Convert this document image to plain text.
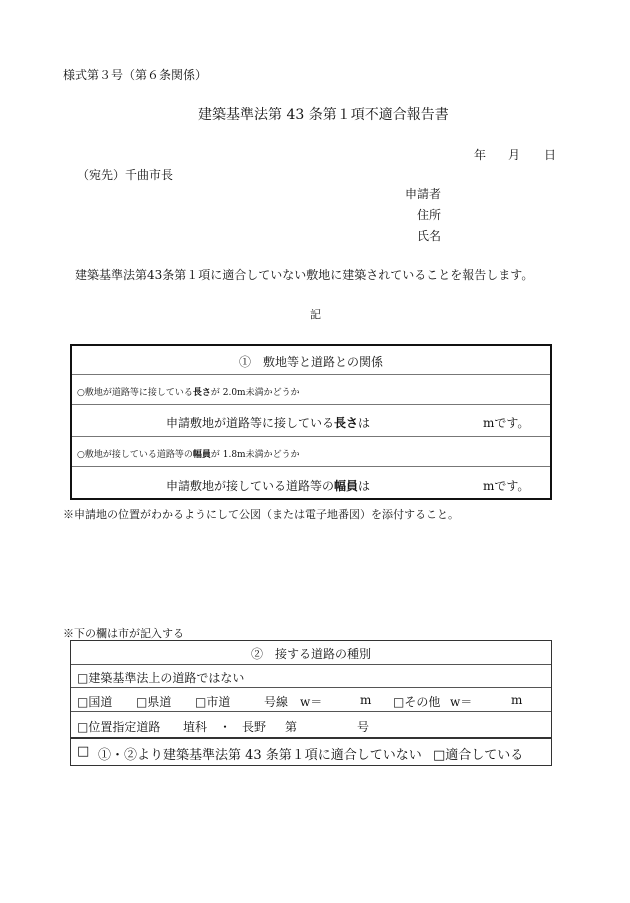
様式第３号（第６条関係）
建築基準法第 43 条第１項不適合報告書
年 月 日
（宛先）千曲市長
申請者
住所
氏名
建築基準法第43条第１項に適合していない敷地に建築されていることを報告します。
記
①　敷地等と道路との関係
○敷地が道路等に接している長さが 2.0m未満かどうか
申請敷地が道路等に接している長さは	mです。
○敷地が接している道路等の幅員が 1.8m未満かどうか
申請敷地が接している道路等の幅員は	mです。
※申請地の位置がわかるようにして公図（または電子地番図）を添付すること。
※下の欄は市が記入する
②　接する道路の種別
□建築基準法上の道路ではない
□国道 □県道 □市道	号線 w＝	m □その他 w＝	m
□位置指定道路 埴科 ・ 長野 第	号
□ ①・②より建築基準法第 43 条第１項に適合していない □適合している
